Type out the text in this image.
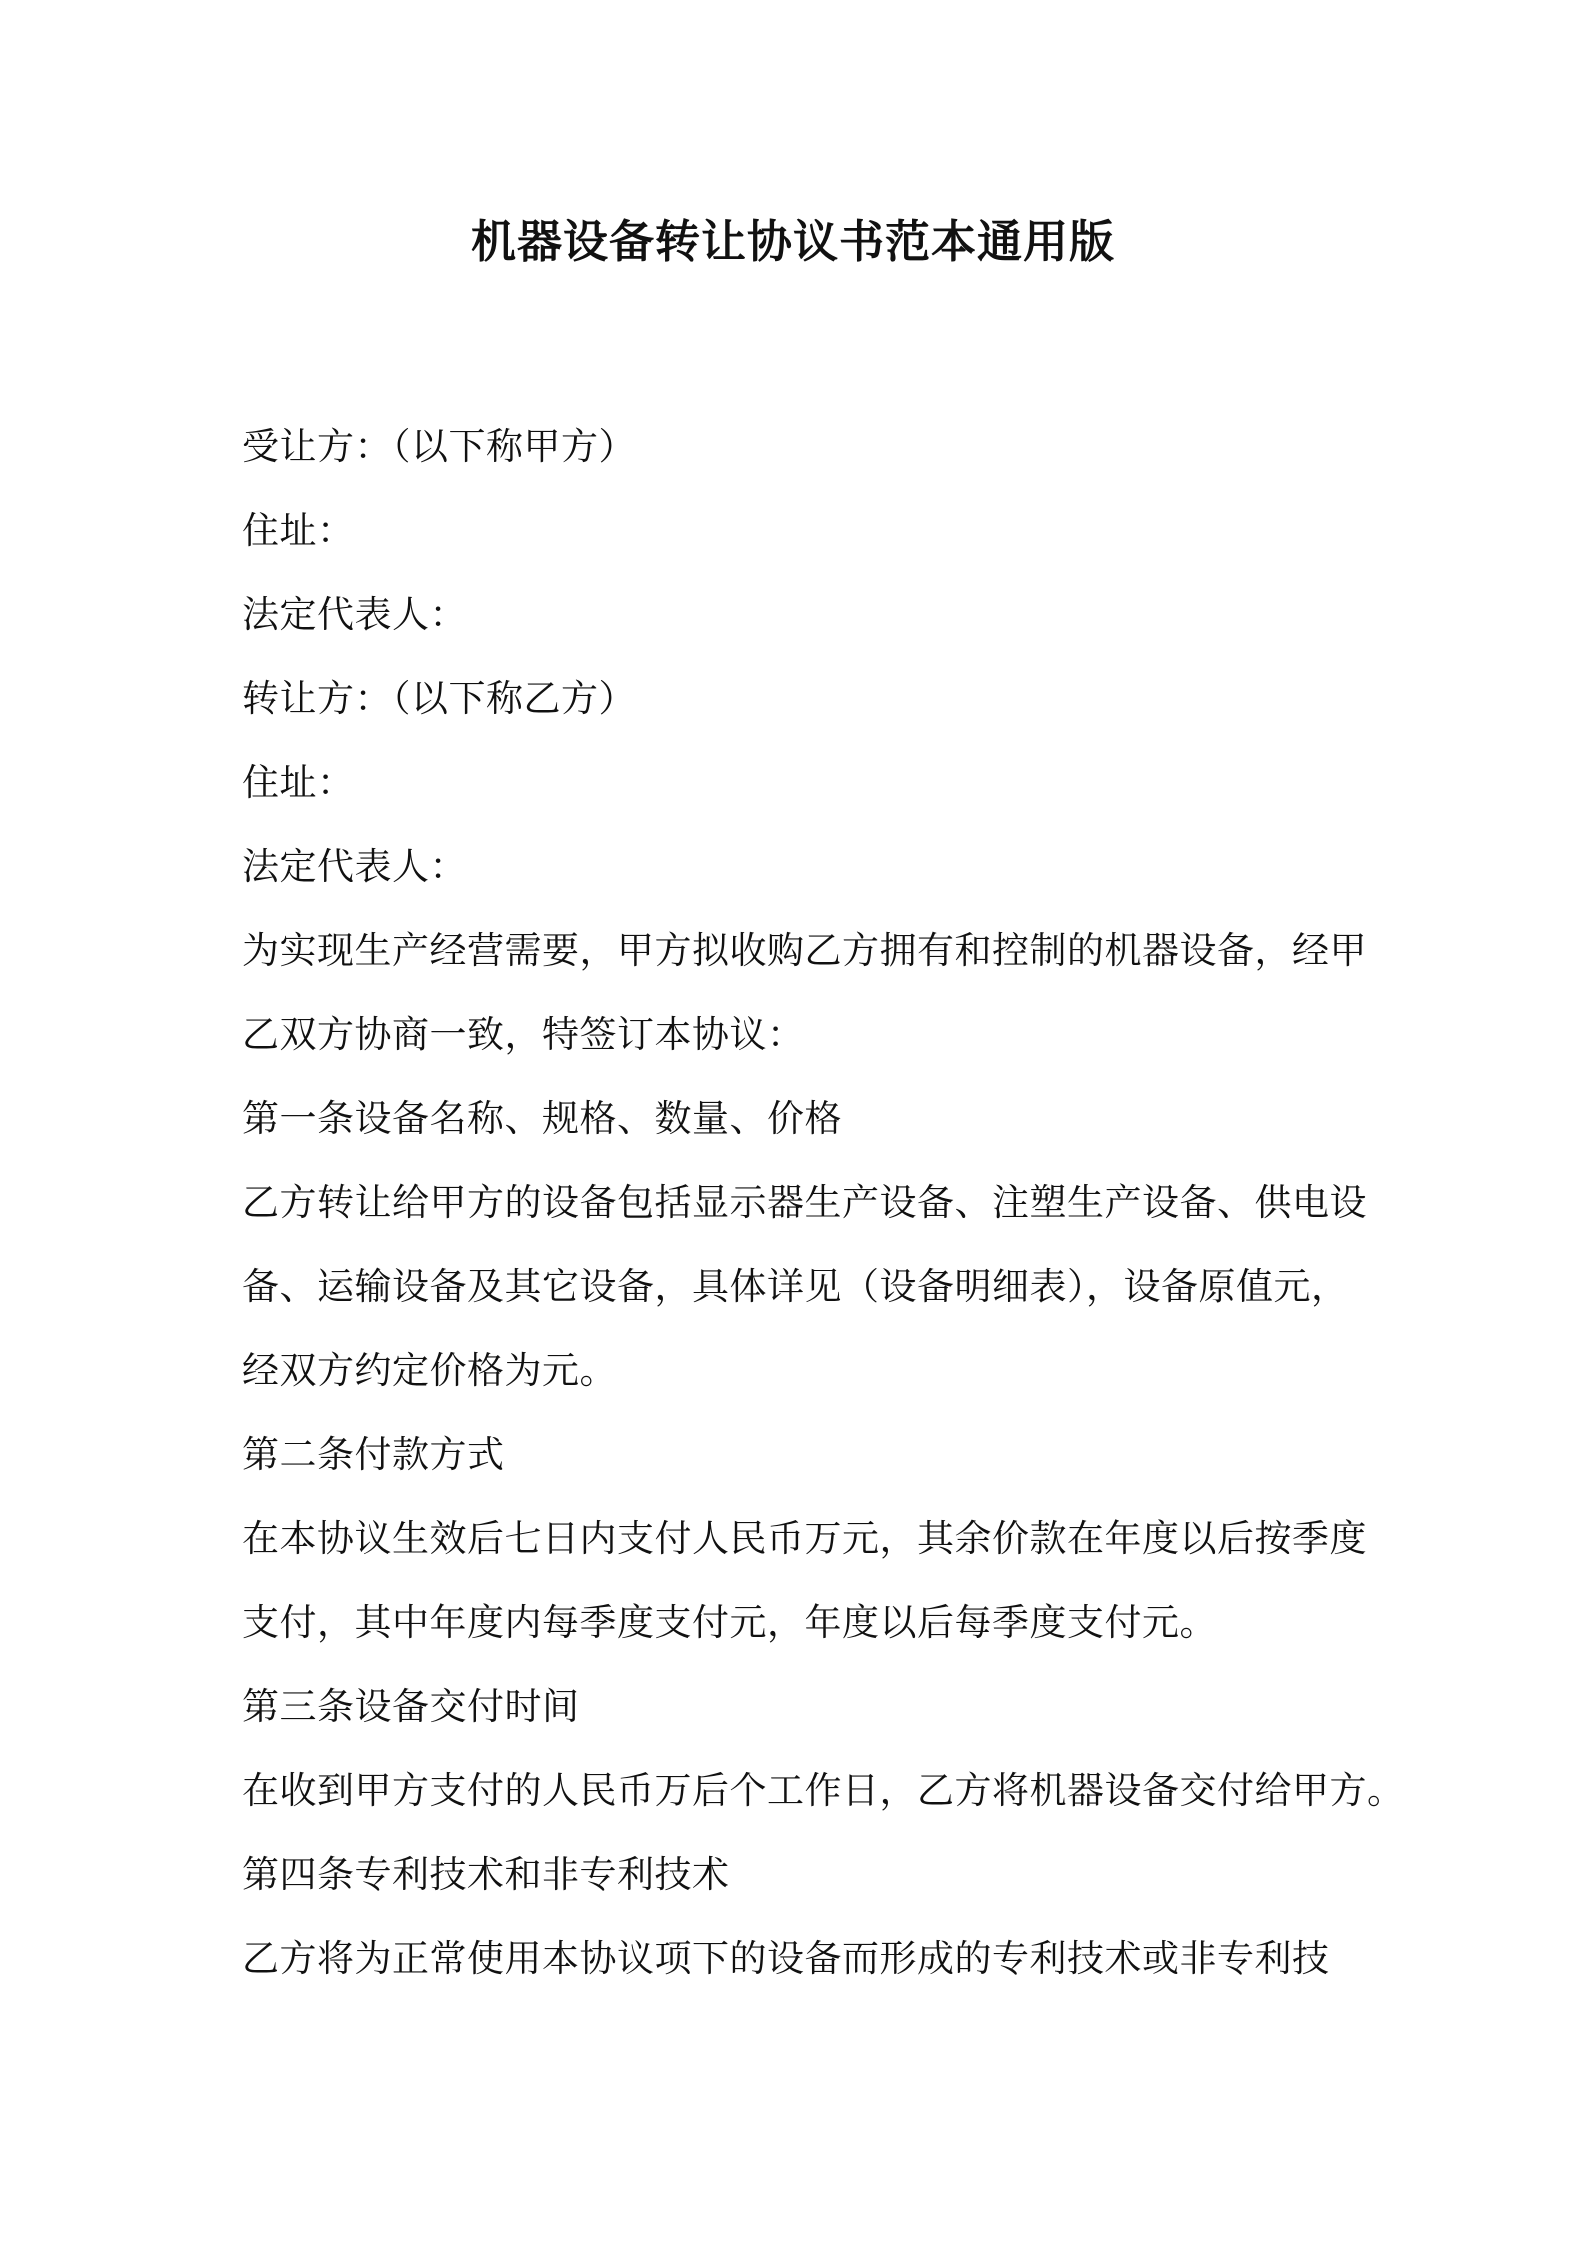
机器设备转让协议书范本通用版
受让方：（以下称甲方）
住址：
法定代表人：
转让方：（以下称乙方）
住址：
法定代表人：
为实现生产经营需要，甲方拟收购乙方拥有和控制的机器设备，经甲
乙双方协商一致，特签订本协议：
第一条设备名称、规格、数量、价格
乙方转让给甲方的设备包括显示器生产设备、注塑生产设备、供电设
备、运输设备及其它设备，具体详见（设备明细表），设备原值元，
经双方约定价格为元。
第二条付款方式
在本协议生效后七日内支付人民币万元，其余价款在年度以后按季度
支付，其中年度内每季度支付元，年度以后每季度支付元。
第三条设备交付时间
在收到甲方支付的人民币万后个工作日，乙方将机器设备交付给甲方。
第四条专利技术和非专利技术
乙方将为正常使用本协议项下的设备而形成的专利技术或非专利技
